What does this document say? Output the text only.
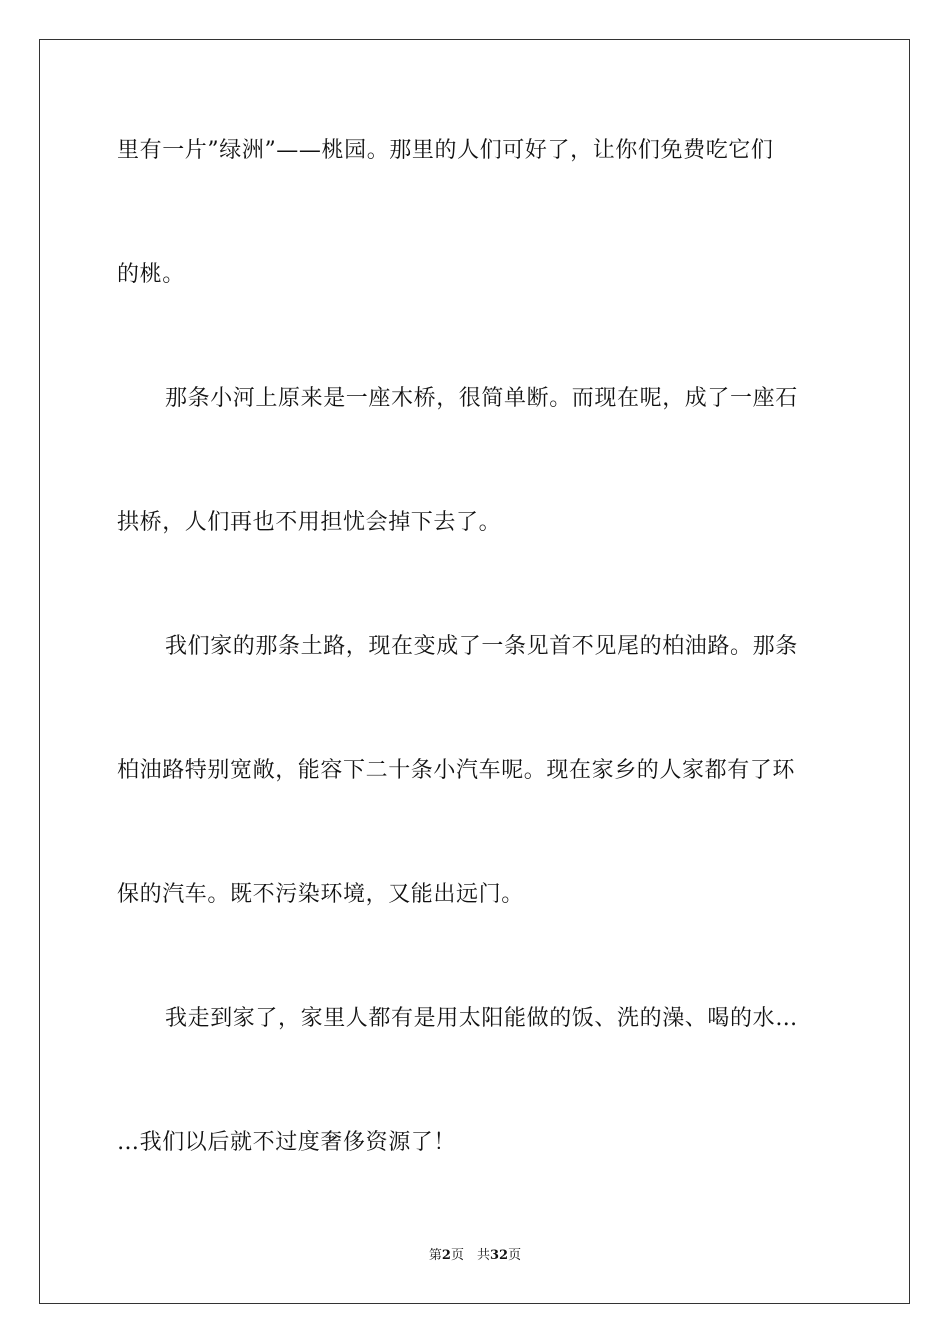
里有一片”绿洲”——桃园。那里的人们可好了，让你们免费吃它们
的桃。
那条小河上原来是一座木桥，很简单断。而现在呢，成了一座石
拱桥，人们再也不用担忧会掉下去了。
我们家的那条土路，现在变成了一条见首不见尾的柏油路。那条
柏油路特别宽敞，能容下二十条小汽车呢。现在家乡的人家都有了环
保的汽车。既不污染环境，又能出远门。
我走到家了，家里人都有是用太阳能做的饭、洗的澡、喝的水…
…我们以后就不过度奢侈资源了！
第2页　共32页
